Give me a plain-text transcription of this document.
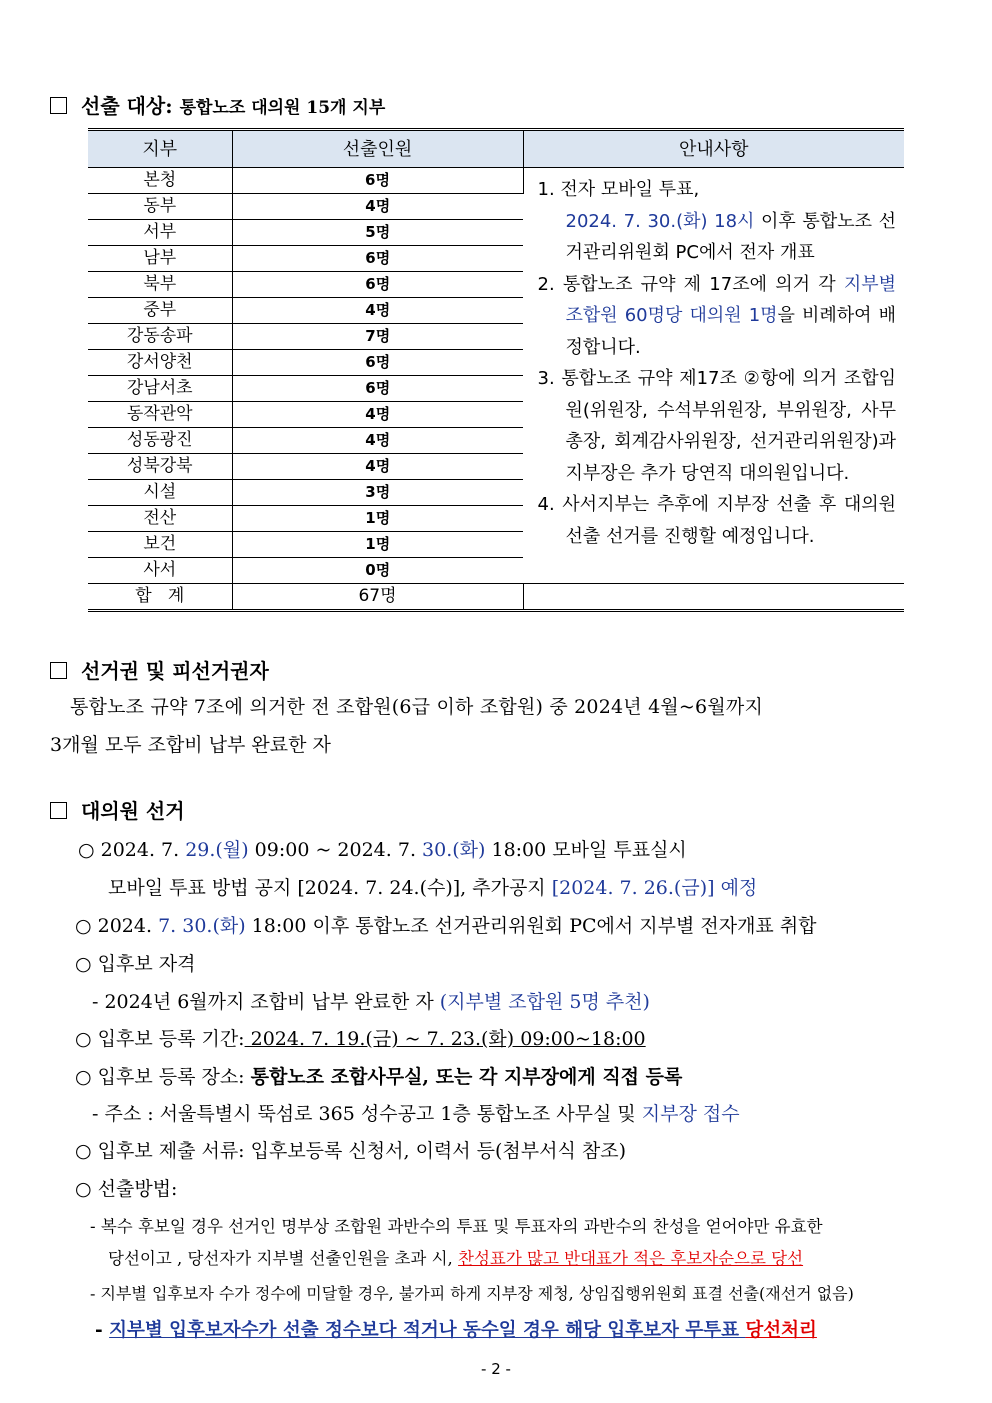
선출 대상: 통합노조 대의원 15개 지부
지부	선출인원	안내사항
본청	6명	1. 전자 모바일 투표,
2024. 7. 30.(화) 18시 이후 통합노조 선거관리위원회 PC에서 전자 개표
2. 통합노조 규약 제 17조에 의거 각 지부별 조합원 60명당 대의원 1명을 비례하여 배정합니다.
3. 통합노조 규약 제17조 ②항에 의거 조합임원(위원장, 수석부위원장, 부위원장, 사무총장, 회계감사위원장, 선거관리위원장)과 지부장은 추가 당연직 대의원입니다.
4. 사서지부는 추후에 지부장 선출 후 대의원 선출 선거를 진행할 예정입니다.

동부	4명	
서부	5명	
남부	6명	
북부	6명	
중부	4명	
강동송파	7명	
강서양천	6명	
강남서초	6명	
동작관악	4명	
성동광진	4명	
성북강북	4명	
시설	3명	
전산	1명	
보건	1명	
사서	0명	
합   계	67명	
선거권 및 피선거권자
통합노조 규약 7조에 의거한 전 조합원(6급 이하 조합원) 중 2024년 4월~6월까지
3개월 모두 조합비 납부 완료한 자
대의원 선거
○ 2024. 7. 29.(월) 09:00 ~ 2024. 7. 30.(화) 18:00 모바일 투표실시
모바일 투표 방법 공지 [2024. 7. 24.(수)], 추가공지 [2024. 7. 26.(금)] 예정
○ 2024. 7. 30.(화) 18:00 이후 통합노조 선거관리위원회 PC에서 지부별 전자개표 취합
○ 입후보 자격
- 2024년 6월까지 조합비 납부 완료한 자 (지부별 조합원 5명 추천)
○ 입후보 등록 기간: 2024. 7. 19.(금) ~ 7. 23.(화) 09:00~18:00
○ 입후보 등록 장소: 통합노조 조합사무실, 또는 각 지부장에게 직접 등록
- 주소 : 서울특별시 뚝섬로 365 성수공고 1층 통합노조 사무실 및 지부장 접수
○ 입후보 제출 서류: 입후보등록 신청서, 이력서 등(첨부서식 참조)
○ 선출방법:
- 복수 후보일 경우 선거인 명부상 조합원 과반수의 투표 및 투표자의 과반수의 찬성을 얻어야만 유효한
당선이고 , 당선자가 지부별 선출인원을 초과 시, 찬성표가 많고 반대표가 적은 후보자순으로 당선
- 지부별 입후보자 수가 정수에 미달할 경우, 불가피 하게 지부장 제청, 상임집행위원회 표결 선출(재선거 없음)
- 지부별 입후보자수가 선출 정수보다 적거나 동수일 경우 해당 입후보자 무투표 당선처리
- 2 -
